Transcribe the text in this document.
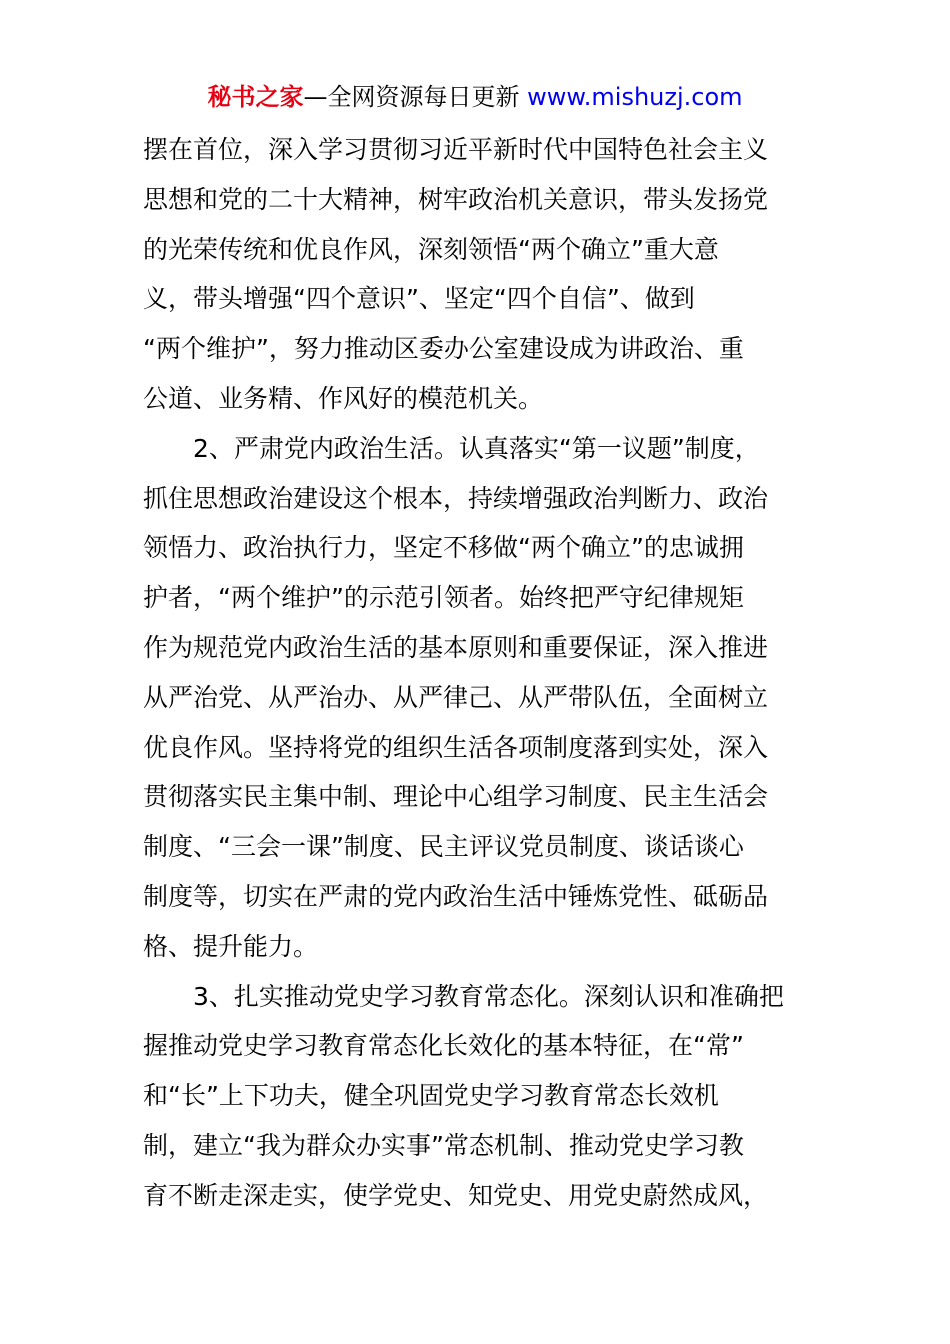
秘书之家—全网资源每日更新 www.mishuzj.com
摆在首位，深入学习贯彻习近平新时代中国特色社会主义
思想和党的二十大精神，树牢政治机关意识，带头发扬党
的光荣传统和优良作风，深刻领悟“两个确立”重大意
义，带头增强“四个意识”、坚定“四个自信”、做到
“两个维护”，努力推动区委办公室建设成为讲政治、重
公道、业务精、作风好的模范机关。
　　2、严肃党内政治生活。认真落实“第一议题”制度，
抓住思想政治建设这个根本，持续增强政治判断力、政治
领悟力、政治执行力，坚定不移做“两个确立”的忠诚拥
护者，“两个维护”的示范引领者。始终把严守纪律规矩
作为规范党内政治生活的基本原则和重要保证，深入推进
从严治党、从严治办、从严律己、从严带队伍，全面树立
优良作风。坚持将党的组织生活各项制度落到实处，深入
贯彻落实民主集中制、理论中心组学习制度、民主生活会
制度、“三会一课”制度、民主评议党员制度、谈话谈心
制度等，切实在严肃的党内政治生活中锤炼党性、砥砺品
格、提升能力。
　　3、扎实推动党史学习教育常态化。深刻认识和准确把
握推动党史学习教育常态化长效化的基本特征，在“常”
和“长”上下功夫，健全巩固党史学习教育常态长效机
制，建立“我为群众办实事”常态机制、推动党史学习教
育不断走深走实，使学党史、知党史、用党史蔚然成风，
